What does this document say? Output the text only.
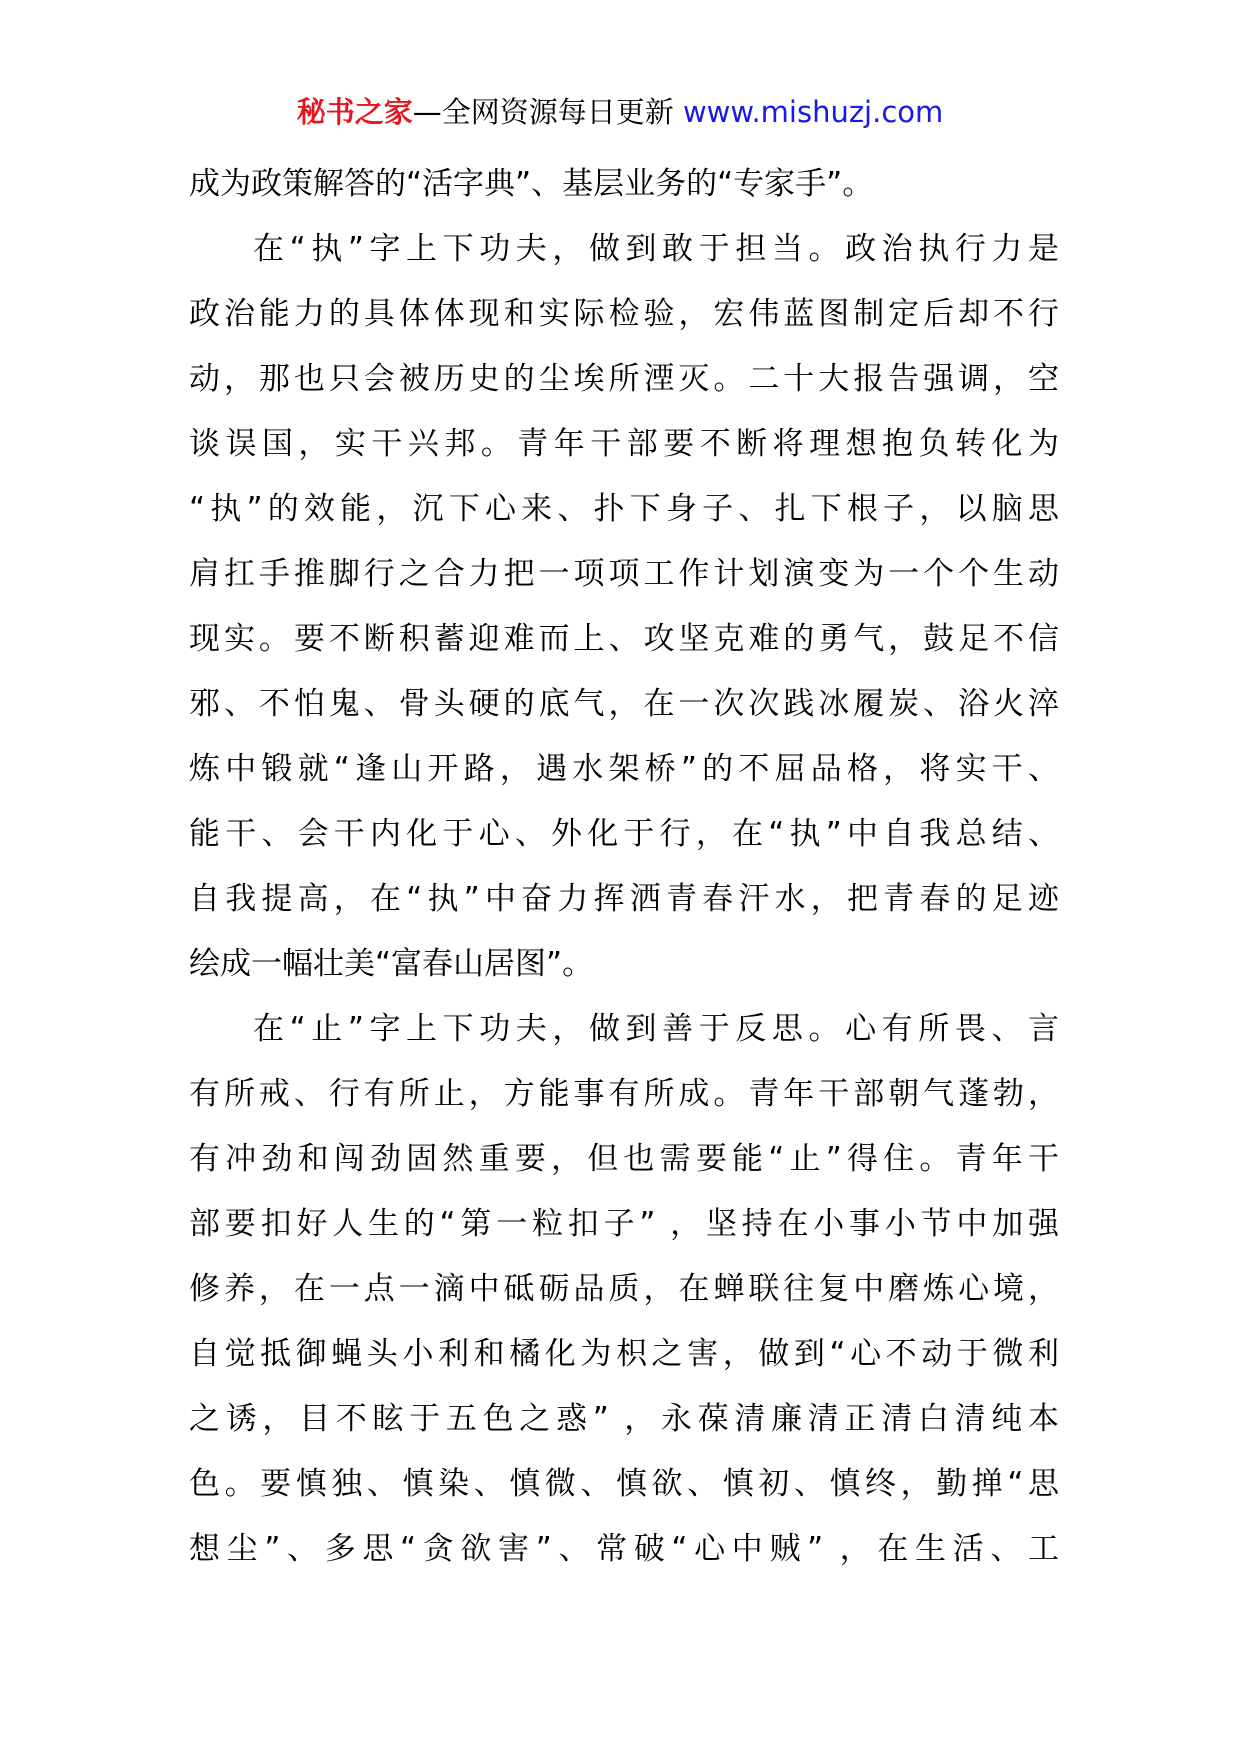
秘书之家—全网资源每日更新 www.mishuzj.com
成为政策解答的“活字典”、基层业务的“专家手”。
在“执”字上下功夫，做到敢于担当。政治执行力是
政治能力的具体体现和实际检验，宏伟蓝图制定后却不行
动，那也只会被历史的尘埃所湮灭。二十大报告强调，空
谈误国，实干兴邦。青年干部要不断将理想抱负转化为
“执”的效能，沉下心来、扑下身子、扎下根子，以脑思
肩扛手推脚行之合力把一项项工作计划演变为一个个生动
现实。要不断积蓄迎难而上、攻坚克难的勇气，鼓足不信
邪、不怕鬼、骨头硬的底气，在一次次践冰履炭、浴火淬
炼中锻就“逢山开路，遇水架桥”的不屈品格，将实干、
能干、会干内化于心、外化于行，在“执”中自我总结、
自我提高，在“执”中奋力挥洒青春汗水，把青春的足迹
绘成一幅壮美“富春山居图”。
在“止”字上下功夫，做到善于反思。心有所畏、言
有所戒、行有所止，方能事有所成。青年干部朝气蓬勃，
有冲劲和闯劲固然重要，但也需要能“止”得住。青年干
部要扣好人生的“第一粒扣子” ，坚持在小事小节中加强
修养，在一点一滴中砥砺品质，在蝉联往复中磨炼心境，
自觉抵御蝇头小利和橘化为枳之害，做到“心不动于微利
之诱，目不眩于五色之惑” ，永葆清廉清正清白清纯本
色。要慎独、慎染、慎微、慎欲、慎初、慎终，勤掸“思
想尘”、多思“贪欲害”、常破“心中贼” ，在生活、工
